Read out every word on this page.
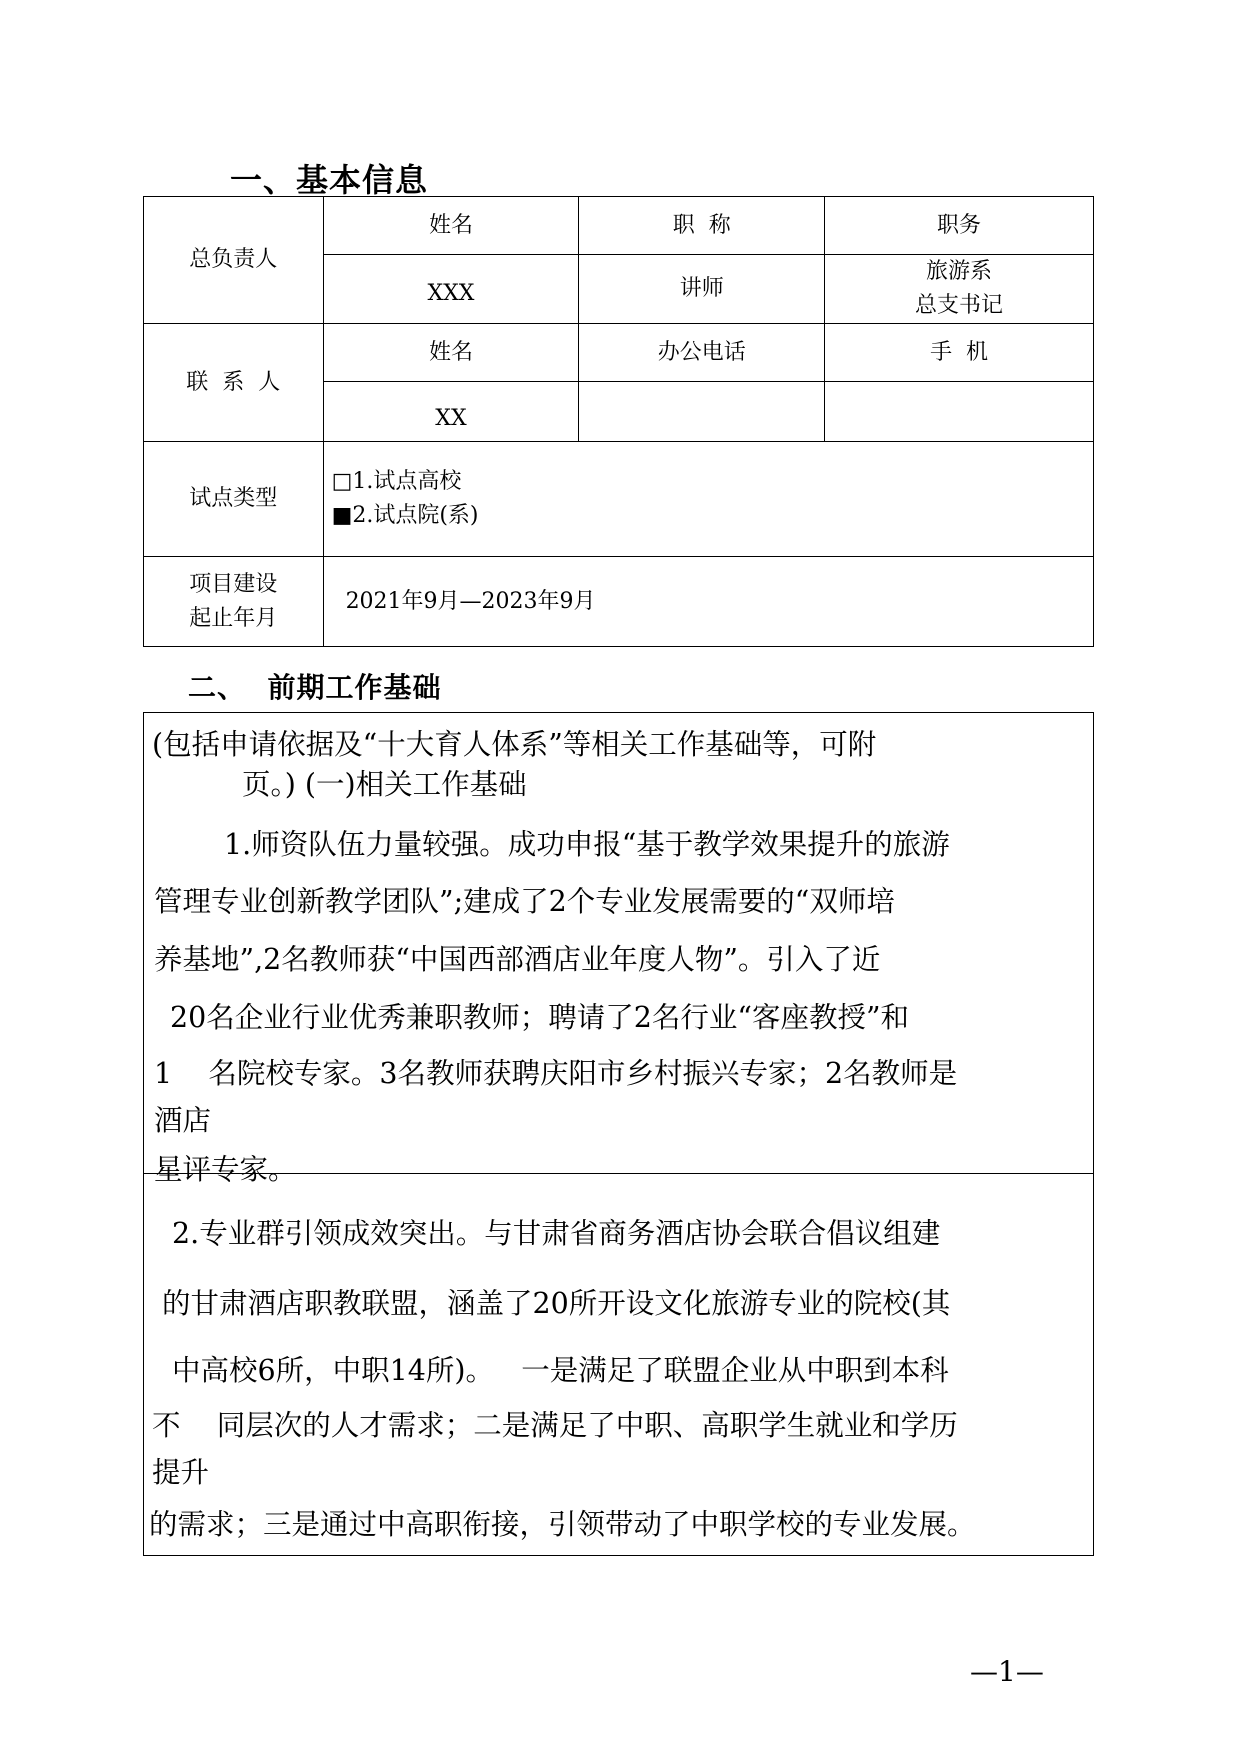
一、基本信息
总负责人	姓名	职  称	职务
	XXX	讲师	旅游系
总支书记

联  系  人	姓名	办公电话	手  机
	XX		
试点类型	□1.试点高校
■2.试点院(系)		

项目建设
起止年月	2021年9月—2023年9月		
二、  前期工作基础
(包括申请依据及“十大育人体系”等相关工作基础等，可附
页。) (一)相关工作基础
1.师资队伍力量较强。成功申报“基于教学效果提升的旅游
管理专业创新教学团队”;建成了2个专业发展需要的“双师培
养基地”,2名教师获“中国西部酒店业年度人物”。引入了近
20名企业行业优秀兼职教师；聘请了2名行业“客座教授”和
1    名院校专家。3名教师获聘庆阳市乡村振兴专家；2名教师是
酒店
星评专家。
2.专业群引领成效突出。与甘肃省商务酒店协会联合倡议组建
的甘肃酒店职教联盟，涵盖了20所开设文化旅游专业的院校(其
中高校6所，中职14所)。   一是满足了联盟企业从中职到本科
不    同层次的人才需求；二是满足了中职、高职学生就业和学历
提升
的需求；三是通过中高职衔接，引领带动了中职学校的专业发展。
—1—
